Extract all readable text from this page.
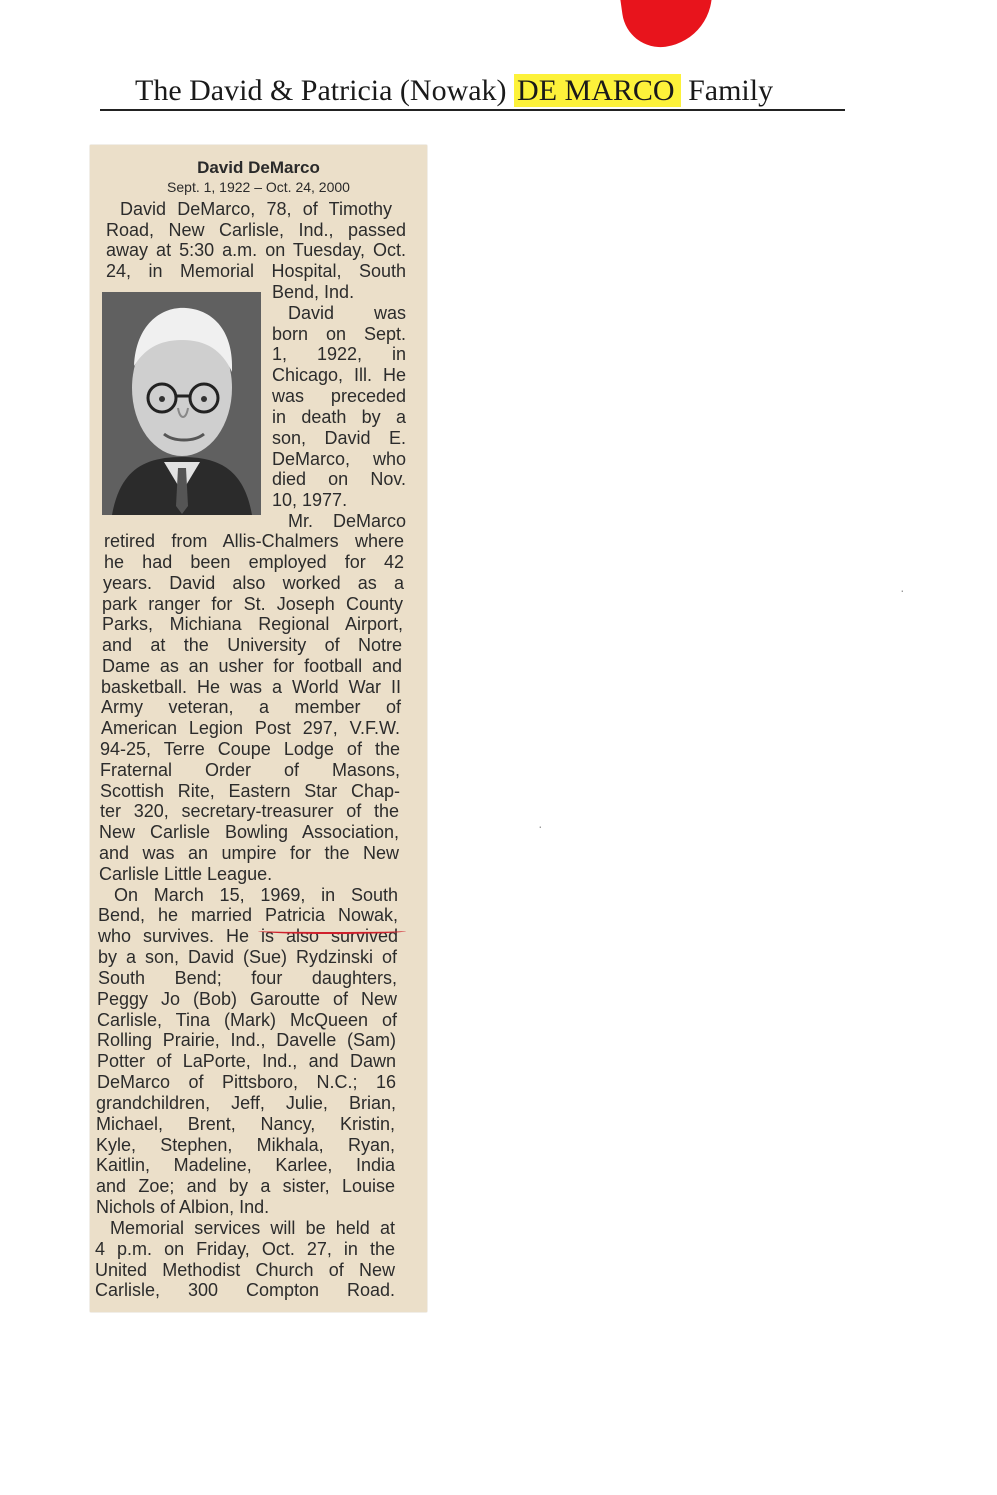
The David & Patricia (Nowak) DE MARCO Family
·
·
David DeMarco
Sept. 1, 1922 – Oct. 24, 2000
David DeMarco, 78, of Timothy
Road, New Carlisle, Ind., passed
away at 5:30 a.m. on Tuesday, Oct.
24, in Memorial Hospital, South
Bend, Ind.
David was
born on Sept.
1, 1922, in
Chicago, Ill. He
was preceded
in death by a
son, David E.
DeMarco, who
died on Nov.
10, 1977.
Mr. DeMarco
retired from Allis-Chalmers where
he had been employed for 42
years. David also worked as a
park ranger for St. Joseph County
Parks, Michiana Regional Airport,
and at the University of Notre
Dame as an usher for football and
basketball. He was a World War II
Army veteran, a member of
American Legion Post 297, V.F.W.
94-25, Terre Coupe Lodge of the
Fraternal Order of Masons,
Scottish Rite, Eastern Star Chap-
ter 320, secretary-treasurer of the
New Carlisle Bowling Association,
and was an umpire for the New
Carlisle Little League.
On March 15, 1969, in South
Bend, he married Patricia Nowak,
who survives. He is also survived
by a son, David (Sue) Rydzinski of
South Bend; four daughters,
Peggy Jo (Bob) Garoutte of New
Carlisle, Tina (Mark) McQueen of
Rolling Prairie, Ind., Davelle (Sam)
Potter of LaPorte, Ind., and Dawn
DeMarco of Pittsboro, N.C.; 16
grandchildren, Jeff, Julie, Brian,
Michael, Brent, Nancy, Kristin,
Kyle, Stephen, Mikhala, Ryan,
Kaitlin, Madeline, Karlee, India
and Zoe; and by a sister, Louise
Nichols of Albion, Ind.
Memorial services will be held at
4 p.m. on Friday, Oct. 27, in the
United Methodist Church of New
Carlisle, 300 Compton Road.
